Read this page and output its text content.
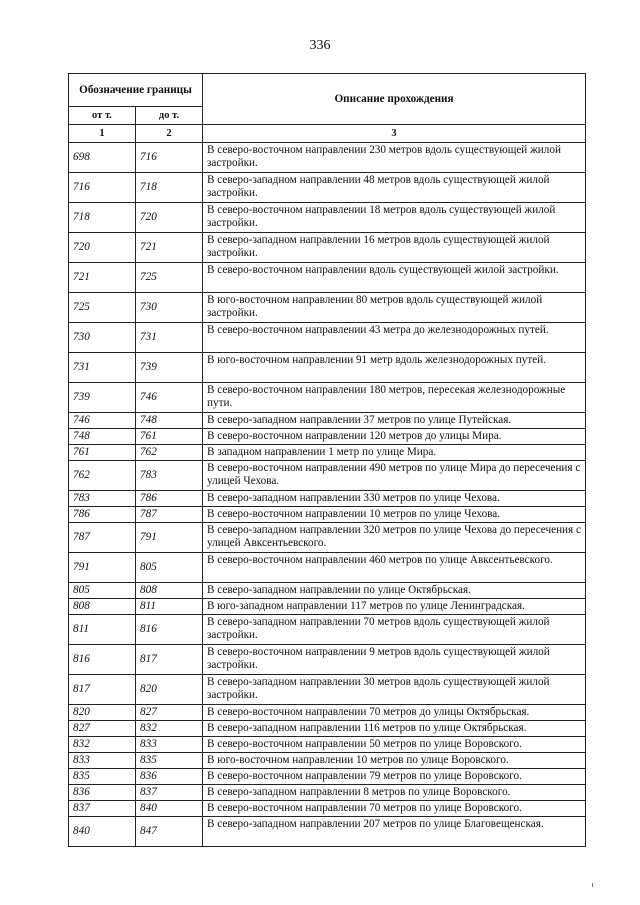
336
Обозначение границы		Описание прохождения
от т.	до т.	
1	2	3
698	716	В северо-восточном направлении 230 метров вдоль существующей жилой застройки.
716	718	В северо-западном направлении 48 метров вдоль существующей жилой застройки.
718	720	В северо-восточном направлении 18 метров вдоль существующей жилой застройки.
720	721	В северо-западном направлении 16 метров вдоль существующей жилой застройки.
721	725	В северо-восточном направлении вдоль существующей жилой застройки.
725	730	В юго-восточном направлении 80 метров вдоль существующей жилой застройки.
730	731	В северо-восточном направлении 43 метра до железнодорожных путей.
731	739	В юго-восточном направлении 91 метр вдоль железнодорожных путей.
739	746	В северо-восточном направлении 180 метров, пересекая железнодорожные пути.
746	748	В северо-западном направлении 37 метров по улице Путейская.
748	761	В северо-восточном направлении 120 метров до улицы Мира.
761	762	В западном направлении 1 метр по улице Мира.
762	783	В северо-восточном направлении 490 метров по улице Мира до пересечения с улицей Чехова.
783	786	В северо-западном направлении 330 метров по улице Чехова.
786	787	В северо-восточном направлении 10 метров по улице Чехова.
787	791	В северо-западном направлении 320 метров по улице Чехова до пересечения с улицей Авксентьевского.
791	805	В северо-восточном направлении 460 метров по улице Авксентьевского.
805	808	В северо-западном направлении по улице Октябрьская.
808	811	В юго-западном направлении 117 метров по улице Ленинградская.
811	816	В северо-западном направлении 70 метров вдоль существующей жилой застройки.
816	817	В северо-восточном направлении 9 метров вдоль существующей жилой застройки.
817	820	В северо-западном направлении 30 метров вдоль существующей жилой застройки.
820	827	В северо-восточном направлении 70 метров до улицы Октябрьская.
827	832	В северо-западном направлении 116 метров по улице Октябрьская.
832	833	В северо-восточном направлении 50 метров по улице Воровского.
833	835	В юго-восточном направлении 10 метров по улице Воровского.
835	836	В северо-восточном направлении 79 метров по улице Воровского.
836	837	В северо-западном направлении 8 метров по улице Воровского.
837	840	В северо-восточном направлении 70 метров по улице Воровского.
840	847	В северо-западном направлении 207 метров по улице Благовещенская.
